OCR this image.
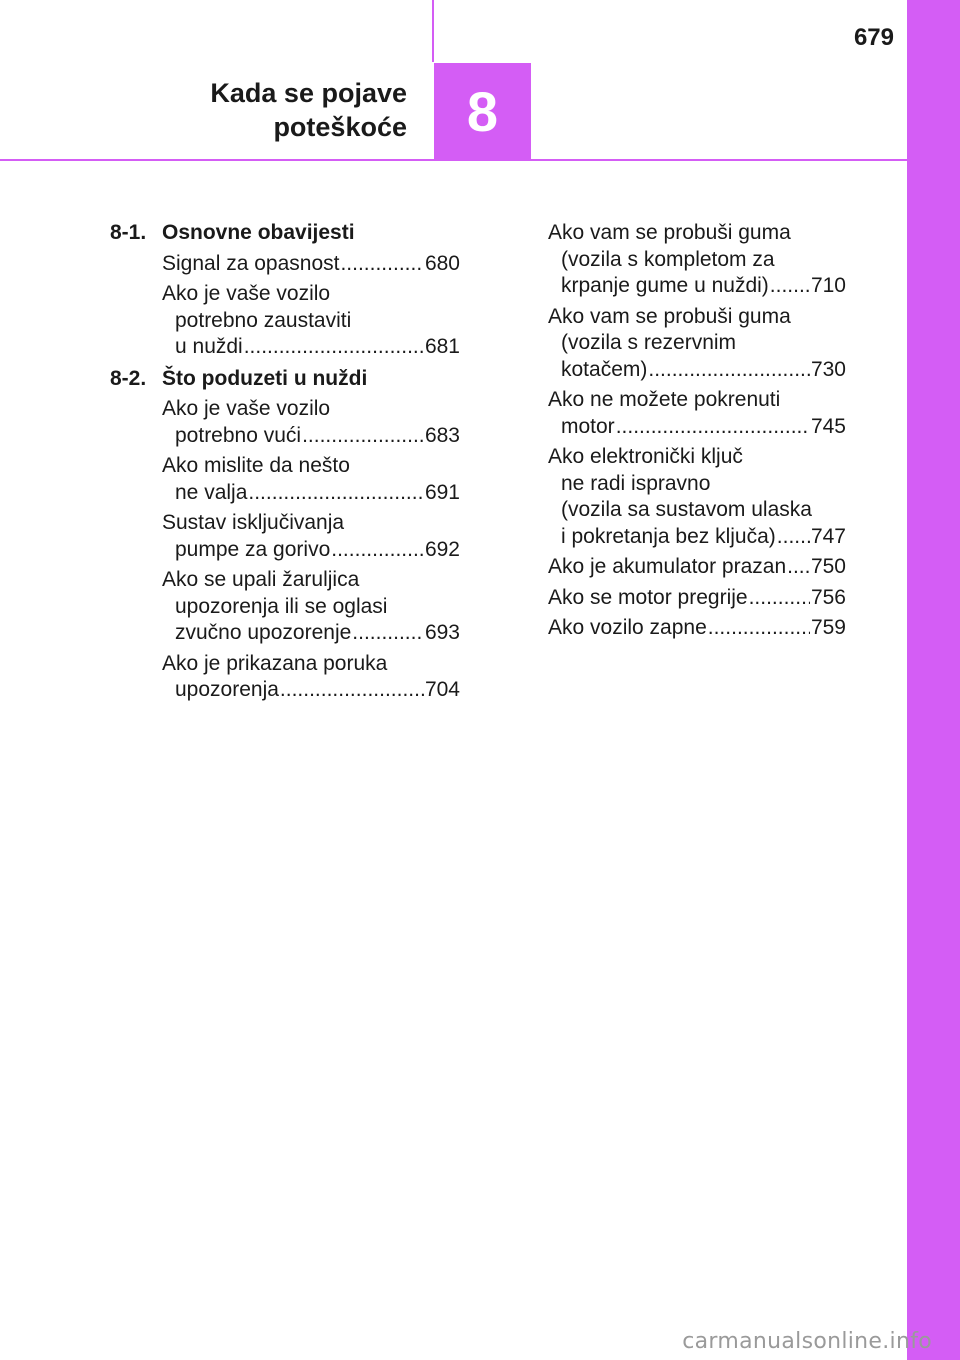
Kada se pojave
poteškoće	8
679
8-1. Osnovne obavijesti
Signal za opasnost .....	680
Ako je vaše vozilo
potrebno zaustaviti
u nuždi .....	681
8-2. Što poduzeti u nuždi
Ako je vaše vozilo
potrebno vući .....	683
Ako mislite da nešto
ne valja .....	691
Sustav isključivanja
pumpe za gorivo .....	692
Ako se upali žaruljica
upozorenja ili se oglasi
zvučno upozorenje .....	693
Ako je prikazana poruka
upozorenja .....	704
Ako vam se probuši guma
(vozila s kompletom za
krpanje gume u nuždi) ..... 710
Ako vam se probuši guma
(vozila s rezervnim
kotačem) .....	730
Ako ne možete pokrenuti
motor .....	745
Ako elektronički ključ
ne radi ispravno
(vozila sa sustavom ulaska
i pokretanja bez ključa) ..... 747
Ako je akumulator prazan ..... 750
Ako se motor pregrije .....	756
Ako vozilo zapne .....	759
carmanualsonline.info
